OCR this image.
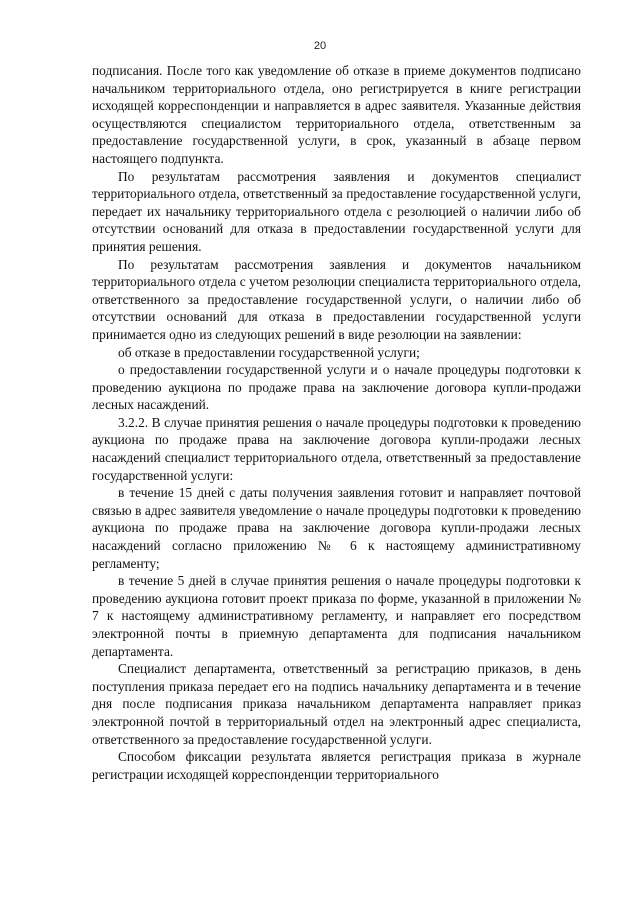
20

подписания. После того как уведомление об отказе в приеме документов подписано начальником территориального отдела, оно регистрируется в книге регистрации исходящей корреспонденции и направляется в адрес заявителя. Указанные действия осуществляются специалистом территориального отдела, ответственным за предоставление государственной услуги, в срок, указанный в абзаце первом настоящего подпункта.

По результатам рассмотрения заявления и документов специалист территориального отдела, ответственный за предоставление государственной услуги, передает их начальнику территориального отдела с резолюцией о наличии либо об отсутствии оснований для отказа в предоставлении государственной услуги для принятия решения.

По результатам рассмотрения заявления и документов начальником территориального отдела с учетом резолюции специалиста территориального отдела, ответственного за предоставление государственной услуги, о наличии либо об отсутствии оснований для отказа в предоставлении государственной услуги принимается одно из следующих решений в виде резолюции на заявлении:

об отказе в предоставлении государственной услуги;

о предоставлении государственной услуги и о начале процедуры подготовки к проведению аукциона по продаже права на заключение договора купли-продажи лесных насаждений.

3.2.2. В случае принятия решения о начале процедуры подготовки к проведению аукциона по продаже права на заключение договора купли-продажи лесных насаждений специалист территориального отдела, ответственный за предоставление государственной услуги:

в течение 15 дней с даты получения заявления готовит и направляет почтовой связью в адрес заявителя уведомление о начале процедуры подготовки к проведению аукциона по продаже права на заключение договора купли-продажи лесных насаждений согласно приложению № 6 к настоящему административному регламенту;

в течение 5 дней в случае принятия решения о начале процедуры подготовки к проведению аукциона готовит проект приказа по форме, указанной в приложении № 7 к настоящему административному регламенту, и направляет его посредством электронной почты в приемную департамента для подписания начальником департамента.

Специалист департамента, ответственный за регистрацию приказов, в день поступления приказа передает его на подпись начальнику департамента и в течение дня после подписания приказа начальником департамента направляет приказ электронной почтой в территориальный отдел на электронный адрес специалиста, ответственного за предоставление государственной услуги.

Способом фиксации результата является регистрация приказа в журнале регистрации исходящей корреспонденции территориального
